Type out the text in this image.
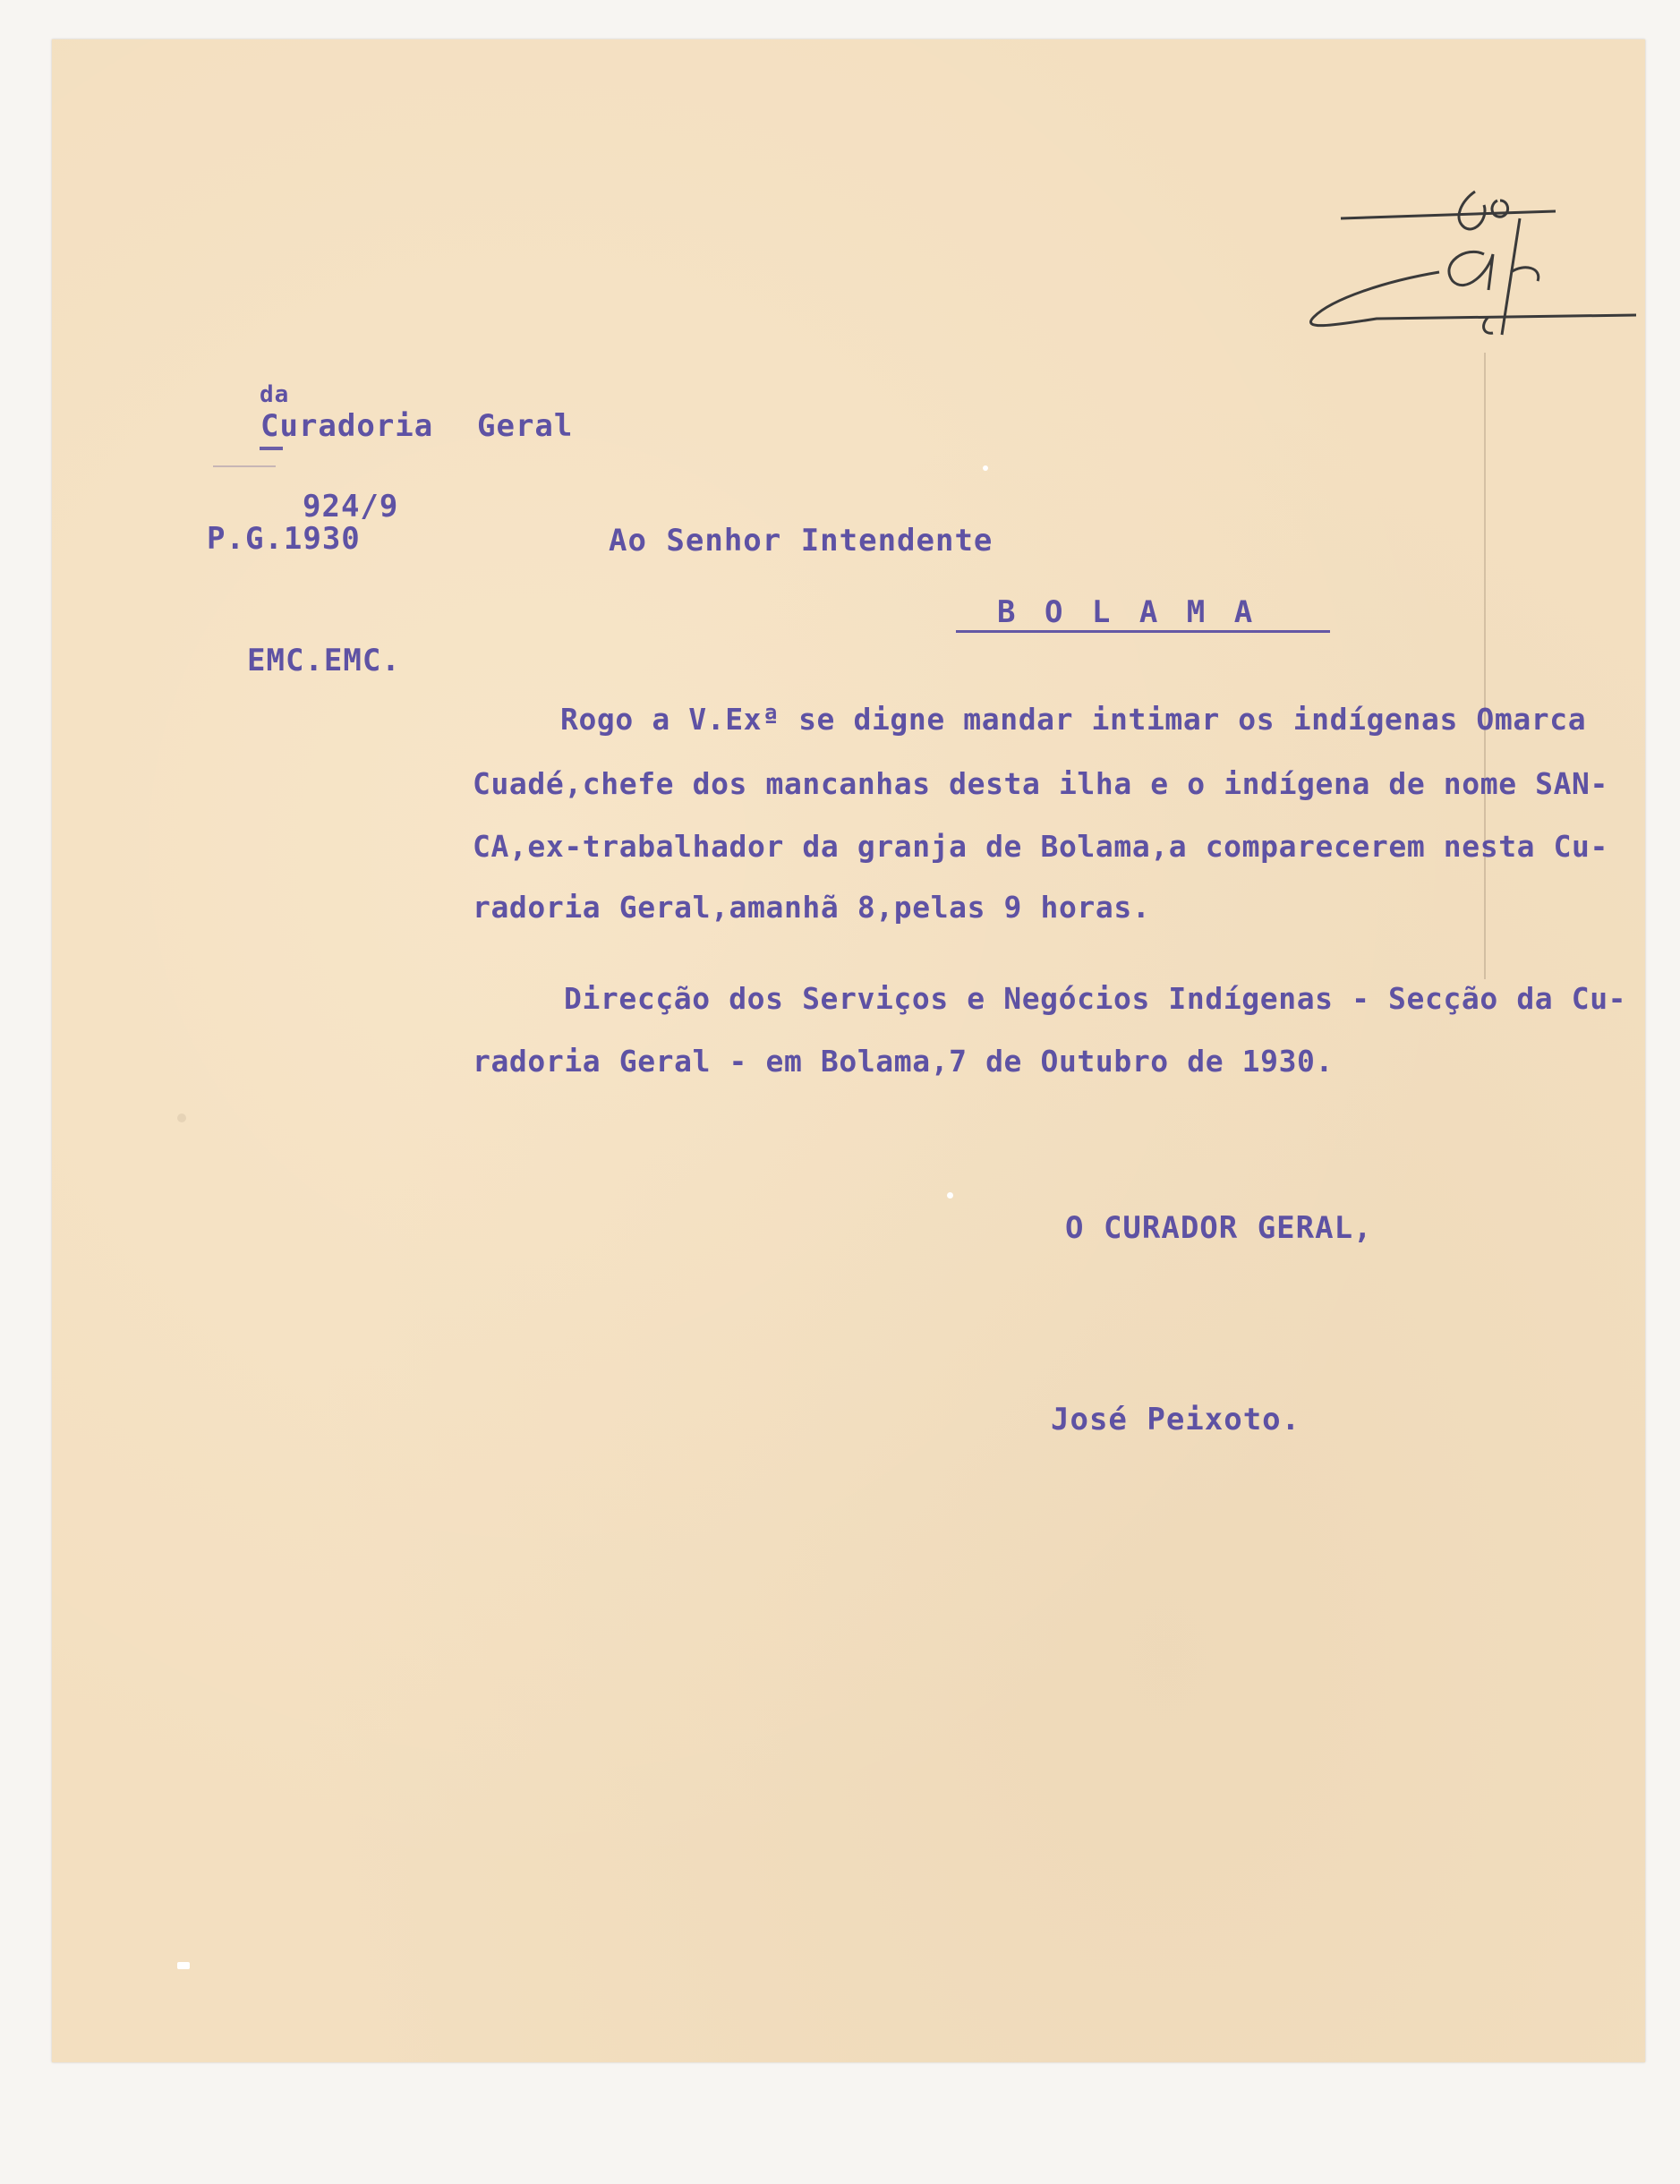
da
Curadoria Geral
924/9
P.G.1930	Ao Senhor Intendente
B O L A M A
EMC.EMC.
Rogo a V.Exª se digne mandar intimar os indígenas Omarca
Cuadé,chefe dos mancanhas desta ilha e o indígena de nome SAN-
CA,ex-trabalhador da granja de Bolama,a comparecerem nesta Cu-
radoria Geral,amanhã 8,pelas 9 horas.
Direcção dos Serviços e Negócios Indígenas - Secção da Cu-
radoria Geral - em Bolama,7 de Outubro de 1930.
O CURADOR GERAL,
José Peixoto.
